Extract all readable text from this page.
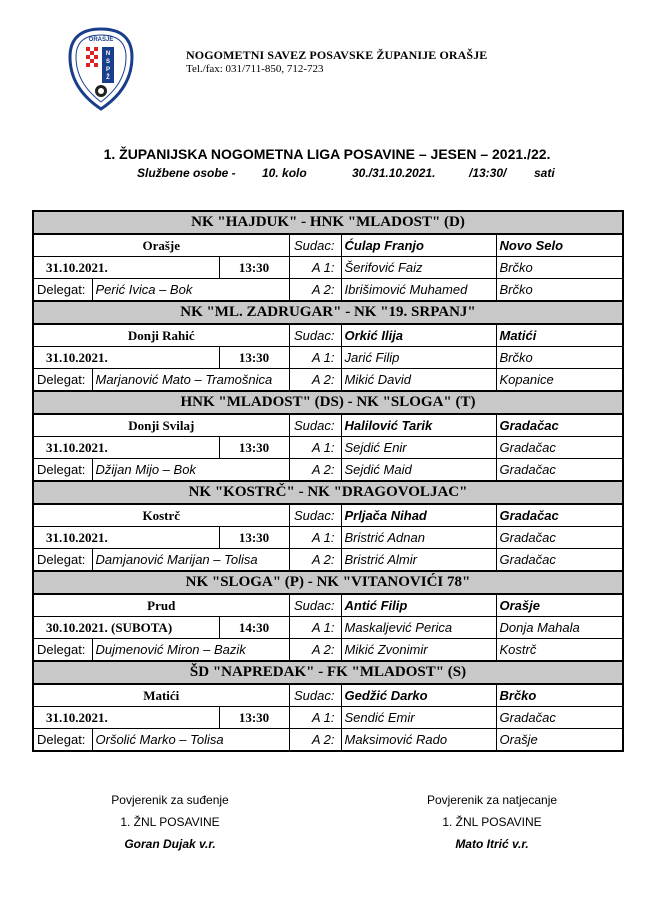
ORAŠJE
N
S
P
Ž
NOGOMETNI SAVEZ POSAVSKE ŽUPANIJE ORAŠJE
Tel./fax: 031/711-850, 712-723
1. ŽUPANIJSKA NOGOMETNA LIGA POSAVINE – JESEN – 2021./22.
Službene osobe - 10. kolo	30./31.10.2021.	/13:30/ sati
NK "HAJDUK" - HNK "MLADOST" (D)					
Orašje			Sudac:	Ćulap Franjo	Novo Selo
31.10.2021.		13:30	A 1:	Šerifović Faiz	Brčko
Delegat:	Perić Ivica – Bok		A 2:	Ibrišimović Muhamed	Brčko
NK "ML. ZADRUGAR" - NK "19. SRPANJ"					
Donji Rahić			Sudac:	Orkić Ilija	Matići
31.10.2021.		13:30	A 1:	Jarić Filip	Brčko
Delegat:	Marjanović Mato – Tramošnica		A 2:	Mikić David	Kopanice
HNK "MLADOST" (DS) - NK "SLOGA" (T)					
Donji Svilaj			Sudac:	Halilović Tarik	Gradačac
31.10.2021.		13:30	A 1:	Sejdić Enir	Gradačac
Delegat:	Džijan Mijo – Bok		A 2:	Sejdić Maid	Gradačac
NK "KOSTRČ" - NK "DRAGOVOLJAC"					
Kostrč			Sudac:	Prljača Nihad	Gradačac
31.10.2021.		13:30	A 1:	Bristrić Adnan	Gradačac
Delegat:	Damjanović Marijan – Tolisa		A 2:	Bristrić Almir	Gradačac
NK "SLOGA" (P) - NK "VITANOVIĆI 78"					
Prud			Sudac:	Antić Filip	Orašje
30.10.2021. (SUBOTA)		14:30	A 1:	Maskaljević Perica	Donja Mahala
Delegat:	Dujmenović Miron – Bazik		A 2:	Mikić Zvonimir	Kostrč
ŠD "NAPREDAK" - FK "MLADOST" (S)					
Matići			Sudac:	Gedžić Darko	Brčko
31.10.2021.		13:30	A 1:	Sendić Emir	Gradačac
Delegat:	Oršolić Marko – Tolisa		A 2:	Maksimović Rado	Orašje
Povjerenik za suđenje
1. ŽNL POSAVINE
Goran Dujak v.r.
Povjerenik za natjecanje
1. ŽNL POSAVINE
Mato Itrić v.r.
